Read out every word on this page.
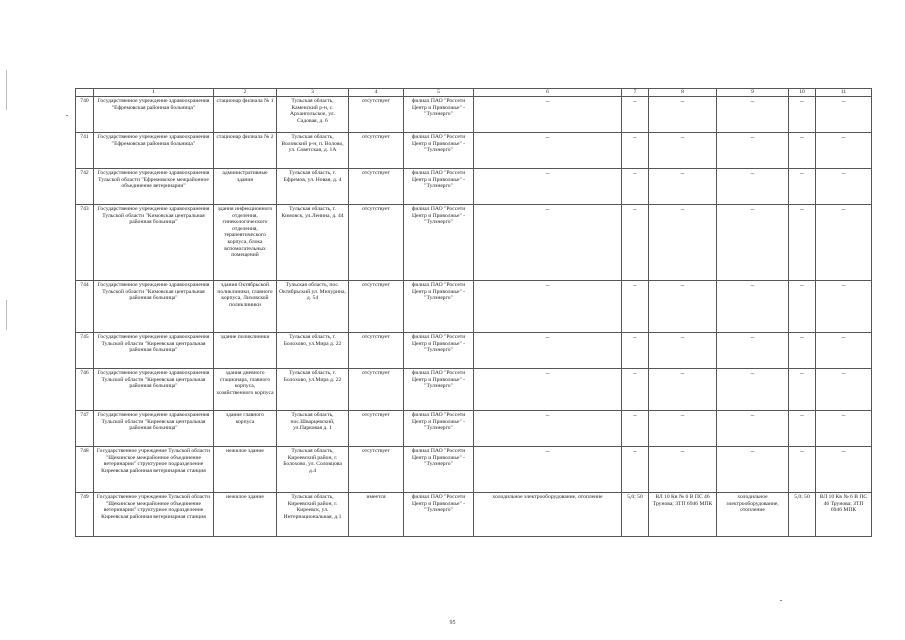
	1	2	3	4	5	6	7	8	9	10	11
740	Государственное учреждение здравоохранения "Ефремовская районная больница"	стационар филиала № 1	Тульская область, Каменский р-н, с. Архангельское, ул. Садовая, д. 6	отсутствует	филиал ПАО "Россети Центр и Приволжье" - "Тулэнерго"	–	–	–	–	–	–
741	Государственное учреждение здравоохранения "Ефремовская районная больница"	стационар филиала № 2	Тульская область, Воловский р-н, п. Волово, ул. Советская, д. 1А	отсутствует	филиал ПАО "Россети Центр и Приволжье" - "Тулэнерго"	–	–	–	–	–	–
742	Государственное учреждение здравоохранения Тульской области "Ефремовское межрайонное объединение ветеринарии"	административные здания	Тульская область, г. Ефремов, ул. Новая, д. 4	отсутствует	филиал ПАО "Россети Центр и Приволжье" - "Тулэнерго"	–	–	–	–	–	–
743	Государственное учреждение здравоохранения Тульской области "Кимовская центральная районная больница"	здания инфекционного отделения, гинекологического отделения, терапевтического корпуса, блока вспомогательных помещений	Тульская область, г. Кимовск, ул.Ленина, д. 44	отсутствует	филиал ПАО "Россети Центр и Приволжье" - "Тулэнерго"	–	–	–	–	–	–
744	Государственное учреждение здравоохранения Тульской области "Кимовская центральная районная больница"	здания Октябрьской поликлиники, главного корпуса, Лиховской поликлиники	Тульская область, пос. Октябрьский ул. Мичурина, д. 54	отсутствует	филиал ПАО "Россети Центр и Приволжье" - "Тулэнерго"	–	–	–	–	–	–
745	Государственное учреждение здравоохранения Тульской области "Киреевская центральная районная больница"	здание поликлиники	Тульская область, г. Болохово, ул.Мира д. 22	отсутствует	филиал ПАО "Россети Центр и Приволжье" - "Тулэнерго"	–	–	–	–	–	–
746	Государственное учреждение здравоохранения Тульской области "Киреевская центральная районная больница"	здания дневного стационара, главного корпуса, хозяйственного корпуса	Тульская область, г. Болохово, ул.Мира д. 22	отсутствует	филиал ПАО "Россети Центр и Приволжье" - "Тулэнерго"	–	–	–	–	–	–
747	Государственное учреждение здравоохранения Тульской области "Киреевская центральная районная больница"	здание главного корпуса	Тульская область, пос.Шварцевский, ул.Парковая д. 1	отсутствует	филиал ПАО "Россети Центр и Приволжье" - "Тулэнерго"	–	–	–	–	–	–
748	Государственное учреждение Тульской области "Щекинское межрайонное объединение ветеринарии" структурное подразделение Киреевская районная ветеринарная станция	нежилое здание	Тульская область, Киреевский район, г. Болохово, ул. Соловцова д.4	отсутствует	филиал ПАО "Россети Центр и Приволжье" - "Тулэнерго"	–	–	–	–	–	–
749	Государственное учреждение Тульской области "Щекинское межрайонное объединение ветеринарии" структурное подразделение Киреевская районная ветеринарная станция	нежилое здание	Тульская область, Киреевский район, г. Киреевск, ул. Интернациональная, д.1	имеется	филиал ПАО "Россети Центр и Приволжье" - "Тулэнерго"	холодильное электрооборудование, отопление	5,0; 50	ВЛ 10 Кв № 6 В ПС 46 Трунова; ЗТП 6946 МПК	холодильное электрооборудование, отопление	5,0; 50	ВЛ 10 Кв № 6 В ПС 46 Трунова; ЗТП 6946 МПК
95
